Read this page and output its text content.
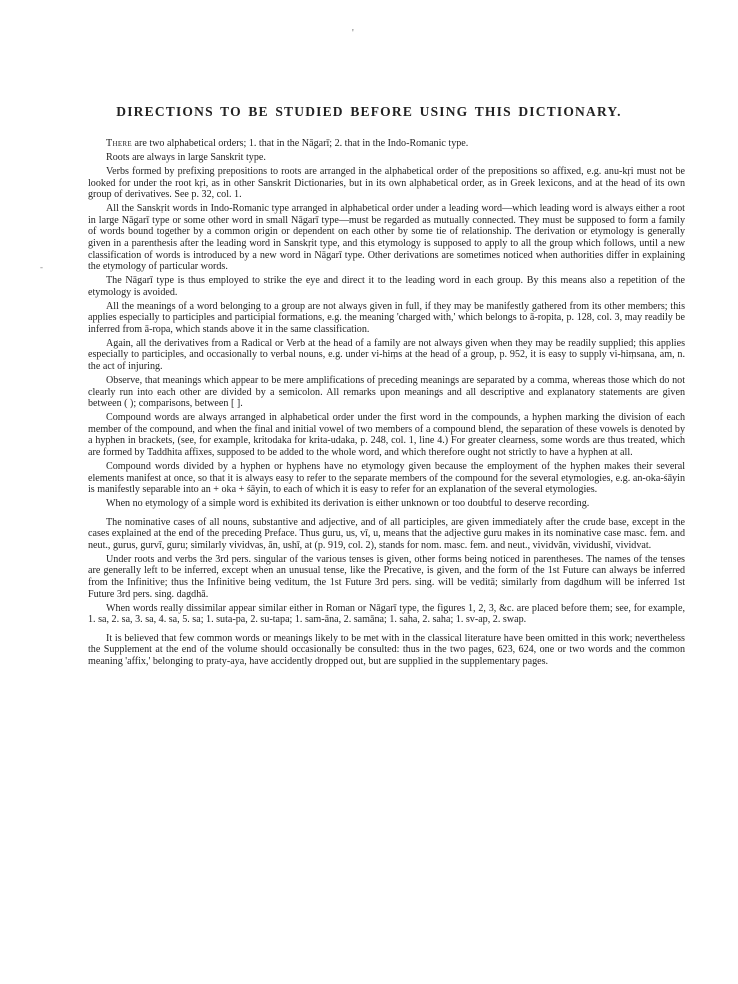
'
-
DIRECTIONS TO BE STUDIED BEFORE USING THIS DICTIONARY.

There are two alphabetical orders; 1. that in the Nāgarī; 2. that in the Indo-Romanic type.

Roots are always in large Sanskrit type.

Verbs formed by prefixing prepositions to roots are arranged in the alphabetical order of the prepositions so affixed, e.g. anu-kṛi must not be looked for under the root kṛi, as in other Sanskrit Dictionaries, but in its own alphabetical order, as in Greek lexicons, and at the head of its own group of derivatives. See p. 32, col. 1.

All the Sanskṛit words in Indo-Romanic type arranged in alphabetical order under a leading word—which leading word is always either a root in large Nāgarī type or some other word in small Nāgarī type—must be regarded as mutually connected. They must be supposed to form a family of words bound together by a common origin or dependent on each other by some tie of relationship. The derivation or etymology is generally given in a parenthesis after the leading word in Sanskṛit type, and this etymology is supposed to apply to all the group which follows, until a new classification of words is introduced by a new word in Nāgarī type. Other derivations are sometimes noticed when authorities differ in explaining the etymology of particular words.

The Nāgarī type is thus employed to strike the eye and direct it to the leading word in each group. By this means also a repetition of the etymology is avoided.

All the meanings of a word belonging to a group are not always given in full, if they may be manifestly gathered from its other members; this applies especially to participles and participial formations, e.g. the meaning 'charged with,' which belongs to ā-ropita, p. 128, col. 3, may readily be inferred from ā-ropa, which stands above it in the same classification.

Again, all the derivatives from a Radical or Verb at the head of a family are not always given when they may be readily supplied; this applies especially to participles, and occasionally to verbal nouns, e.g. under vi-hiṃs at the head of a group, p. 952, it is easy to supply vi-hiṃsana, am, n. the act of injuring.

Observe, that meanings which appear to be mere amplifications of preceding meanings are separated by a comma, whereas those which do not clearly run into each other are divided by a semicolon. All remarks upon meanings and all descriptive and explanatory statements are given between ( ); comparisons, between [ ].

Compound words are always arranged in alphabetical order under the first word in the compounds, a hyphen marking the division of each member of the compound, and when the final and initial vowel of two members of a compound blend, the separation of these vowels is denoted by a hyphen in brackets, (see, for example, kritodaka for krita-udaka, p. 248, col. 1, line 4.) For greater clearness, some words are thus treated, which are formed by Taddhita affixes, supposed to be added to the whole word, and which therefore ought not strictly to have a hyphen at all.

Compound words divided by a hyphen or hyphens have no etymology given because the employment of the hyphen makes their several elements manifest at once, so that it is always easy to refer to the separate members of the compound for the several etymologies, e.g. an-oka-śāyin is manifestly separable into an + oka + śāyin, to each of which it is easy to refer for an explanation of the several etymologies.

When no etymology of a simple word is exhibited its derivation is either unknown or too doubtful to deserve recording.

The nominative cases of all nouns, substantive and adjective, and of all participles, are given immediately after the crude base, except in the cases explained at the end of the preceding Preface. Thus guru, us, vī, u, means that the adjective guru makes in its nominative case masc. fem. and neut., gurus, gurvī, guru; similarly vividvas, ān, ushī, at (p. 919, col. 2), stands for nom. masc. fem. and neut., vividvān, vividushī, vividvat.

Under roots and verbs the 3rd pers. singular of the various tenses is given, other forms being noticed in parentheses. The names of the tenses are generally left to be inferred, except when an unusual tense, like the Precative, is given, and the form of the 1st Future can always be inferred from the Infinitive; thus the Infinitive being veditum, the 1st Future 3rd pers. sing. will be veditā; similarly from dagdhum will be inferred 1st Future 3rd pers. sing. dagdhā.

When words really dissimilar appear similar either in Roman or Nāgarī type, the figures 1, 2, 3, &c. are placed before them; see, for example, 1. sa, 2. sa, 3. sa, 4. sa, 5. sa; 1. suta-pa, 2. su-tapa; 1. sam-āna, 2. samāna; 1. saha, 2. saha; 1. sv-ap, 2. swap.

It is believed that few common words or meanings likely to be met with in the classical literature have been omitted in this work; nevertheless the Supplement at the end of the volume should occasionally be consulted: thus in the two pages, 623, 624, one or two words and the common meaning 'affix,' belonging to praty-aya, have accidently dropped out, but are supplied in the supplementary pages.
